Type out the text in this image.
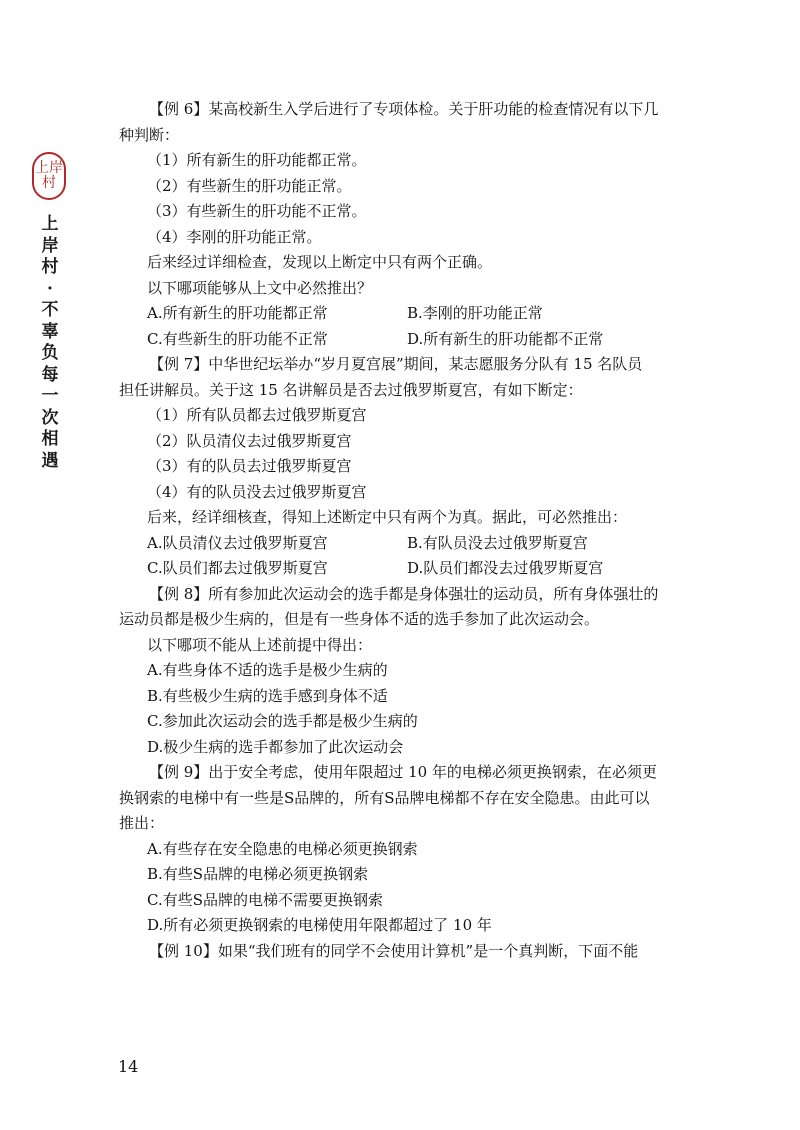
上岸
村
上岸村·不辜负每一次相遇
【例 6】某高校新生入学后进行了专项体检。关于肝功能的检查情况有以下几
种判断：
（1）所有新生的肝功能都正常。
（2）有些新生的肝功能正常。
（3）有些新生的肝功能不正常。
（4）李刚的肝功能正常。
后来经过详细检查，发现以上断定中只有两个正确。
以下哪项能够从上文中必然推出？
A.所有新生的肝功能都正常	B.李刚的肝功能正常
C.有些新生的肝功能不正常	D.所有新生的肝功能都不正常
【例 7】中华世纪坛举办“岁月夏宫展”期间，某志愿服务分队有 15 名队员
担任讲解员。关于这 15 名讲解员是否去过俄罗斯夏宫，有如下断定：
（1）所有队员都去过俄罗斯夏宫
（2）队员清仪去过俄罗斯夏宫
（3）有的队员去过俄罗斯夏宫
（4）有的队员没去过俄罗斯夏宫
后来，经详细核查，得知上述断定中只有两个为真。据此，可必然推出：
A.队员清仪去过俄罗斯夏宫	B.有队员没去过俄罗斯夏宫
C.队员们都去过俄罗斯夏宫	D.队员们都没去过俄罗斯夏宫
【例 8】所有参加此次运动会的选手都是身体强壮的运动员，所有身体强壮的
运动员都是极少生病的，但是有一些身体不适的选手参加了此次运动会。
以下哪项不能从上述前提中得出：
A.有些身体不适的选手是极少生病的
B.有些极少生病的选手感到身体不适
C.参加此次运动会的选手都是极少生病的
D.极少生病的选手都参加了此次运动会
【例 9】出于安全考虑，使用年限超过 10 年的电梯必须更换钢索，在必须更
换钢索的电梯中有一些是S品牌的，所有S品牌电梯都不存在安全隐患。由此可以
推出：
A.有些存在安全隐患的电梯必须更换钢索
B.有些S品牌的电梯必须更换钢索
C.有些S品牌的电梯不需要更换钢索
D.所有必须更换钢索的电梯使用年限都超过了 10 年
【例 10】如果“我们班有的同学不会使用计算机”是一个真判断，下面不能
14
